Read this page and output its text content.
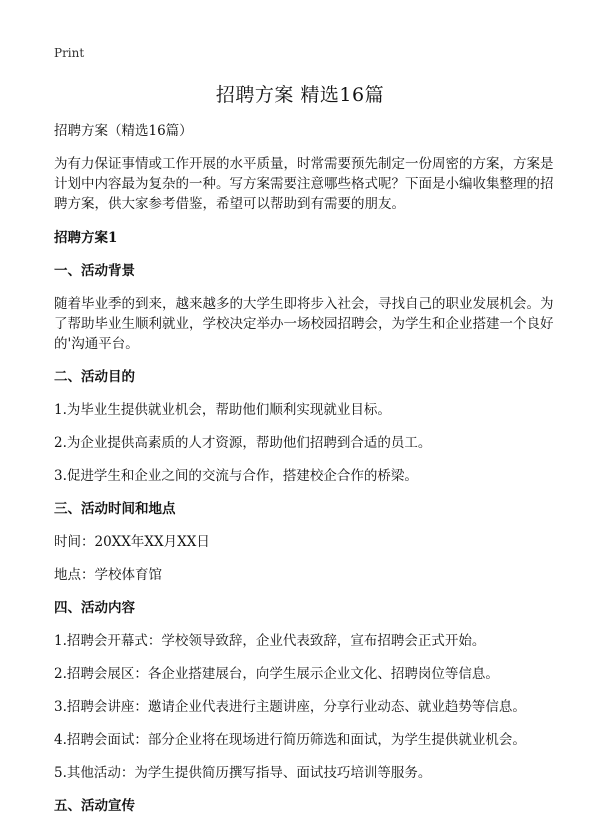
Print
招聘方案 精选16篇

招聘方案（精选16篇）

为有力保证事情或工作开展的水平质量，时常需要预先制定一份周密的方案，方案是计划中内容最为复杂的一种。写方案需要注意哪些格式呢？下面是小编收集整理的招聘方案，供大家参考借鉴，希望可以帮助到有需要的朋友。

招聘方案1

一、活动背景

随着毕业季的到来，越来越多的大学生即将步入社会，寻找自己的职业发展机会。为了帮助毕业生顺利就业，学校决定举办一场校园招聘会，为学生和企业搭建一个良好的'沟通平台。

二、活动目的

1.为毕业生提供就业机会，帮助他们顺利实现就业目标。

2.为企业提供高素质的人才资源，帮助他们招聘到合适的员工。

3.促进学生和企业之间的交流与合作，搭建校企合作的桥梁。

三、活动时间和地点

时间：20XX年XX月XX日

地点：学校体育馆

四、活动内容

1.招聘会开幕式：学校领导致辞，企业代表致辞，宣布招聘会正式开始。

2.招聘会展区：各企业搭建展台，向学生展示企业文化、招聘岗位等信息。

3.招聘会讲座：邀请企业代表进行主题讲座，分享行业动态、就业趋势等信息。

4.招聘会面试：部分企业将在现场进行简历筛选和面试，为学生提供就业机会。

5.其他活动：为学生提供简历撰写指导、面试技巧培训等服务。

五、活动宣传
